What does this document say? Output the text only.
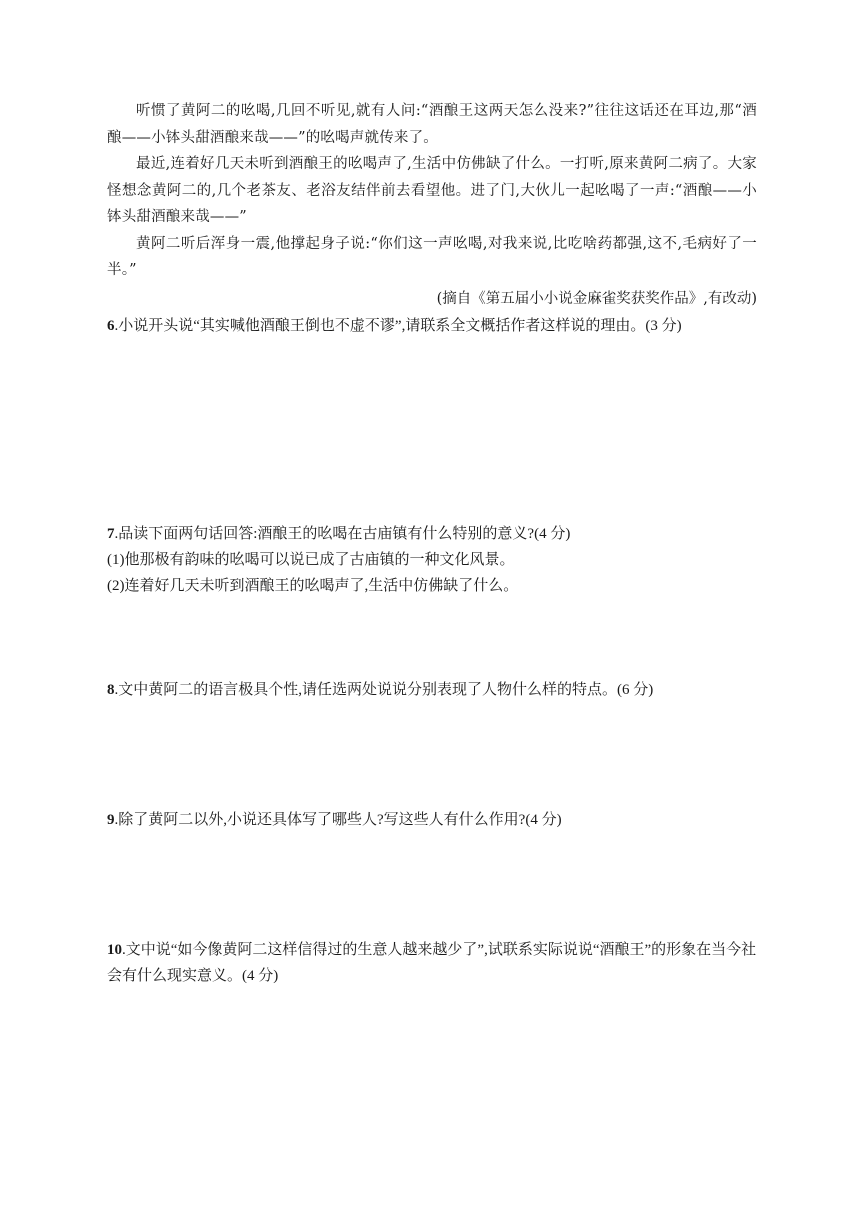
听惯了黄阿二的吆喝,几回不听见,就有人问:“酒酿王这两天怎么没来?”往往这话还在耳边,那“酒酿——小钵头甜酒酿来哉——”的吆喝声就传来了。

最近,连着好几天未听到酒酿王的吆喝声了,生活中仿佛缺了什么。一打听,原来黄阿二病了。大家怪想念黄阿二的,几个老茶友、老浴友结伴前去看望他。进了门,大伙儿一起吆喝了一声:“酒酿——小钵头甜酒酿来哉——”

黄阿二听后浑身一震,他撑起身子说:“你们这一声吆喝,对我来说,比吃啥药都强,这不,毛病好了一半。”

(摘自《第五届小小说金麻雀奖获奖作品》,有改动)

6.小说开头说“其实喊他酒酿王倒也不虚不谬”,请联系全文概括作者这样说的理由。(3 分)

7.品读下面两句话回答:酒酿王的吆喝在古庙镇有什么特别的意义?(4 分)

(1)他那极有韵味的吆喝可以说已成了古庙镇的一种文化风景。

(2)连着好几天未听到酒酿王的吆喝声了,生活中仿佛缺了什么。

8.文中黄阿二的语言极具个性,请任选两处说说分别表现了人物什么样的特点。(6 分)

9.除了黄阿二以外,小说还具体写了哪些人?写这些人有什么作用?(4 分)

10.文中说“如今像黄阿二这样信得过的生意人越来越少了”,试联系实际说说“酒酿王”的形象在当今社会有什么现实意义。(4 分)
